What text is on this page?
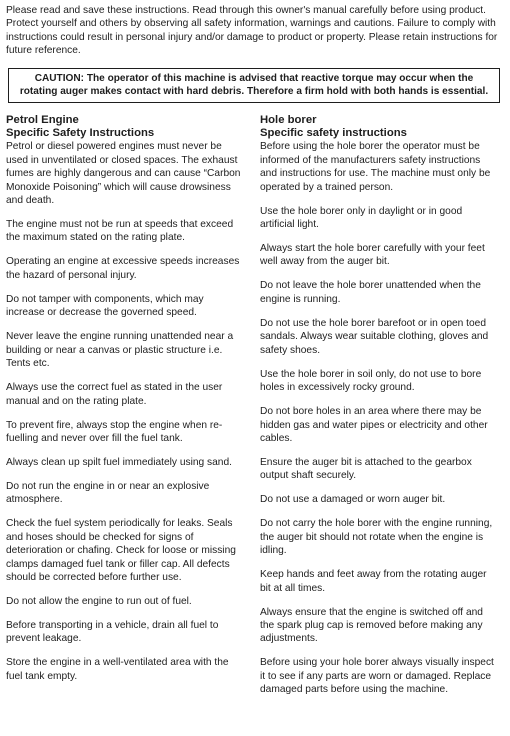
Please read and save these instructions. Read through this owner's manual carefully before using product. Protect yourself and others by observing all safety information, warnings and cautions. Failure to comply with instructions could result in personal injury and/or damage to product or property. Please retain instructions for future reference.

CAUTION: The operator of this machine is advised that reactive torque may occur when the rotating auger makes contact with hard debris. Therefore a firm hold with both hands is essential.

Petrol Engine

Specific Safety Instructions

Petrol or diesel powered engines must never be used in unventilated or closed spaces. The exhaust fumes are highly dangerous and can cause “Carbon Monoxide Poisoning” which will cause drowsiness and death.

The engine must not be run at speeds that exceed the maximum stated on the rating plate.

Operating an engine at excessive speeds increases the hazard of personal injury.

Do not tamper with components, which may increase or decrease the governed speed.

Never leave the engine running unattended near a building or near a canvas or plastic structure i.e. Tents etc.

Always use the correct fuel as stated in the user manual and on the rating plate.

To prevent fire, always stop the engine when re-fuelling and never over fill the fuel tank.

Always clean up spilt fuel immediately using sand.

Do not run the engine in or near an explosive atmosphere.

Check the fuel system periodically for leaks. Seals and hoses should be checked for signs of deterioration or chafing. Check for loose or missing clamps damaged fuel tank or filler cap. All defects should be corrected before further use.

Do not allow the engine to run out of fuel.

Before transporting in a vehicle, drain all fuel to prevent leakage.

Store the engine in a well-ventilated area with the fuel tank empty.

Hole borer

Specific safety instructions

Before using the hole borer the operator must be informed of the manufacturers safety instructions and instructions for use. The machine must only be operated by a trained person.

Use the hole borer only in daylight or in good artificial light.

Always start the hole borer carefully with your feet well away from the auger bit.

Do not leave the hole borer unattended when the engine is running.

Do not use the hole borer barefoot or in open toed sandals. Always wear suitable clothing, gloves and safety shoes.

Use the hole borer in soil only, do not use to bore holes in excessively rocky ground.

Do not bore holes in an area where there may be hidden gas and water pipes or electricity and other cables.

Ensure the auger bit is attached to the gearbox output shaft securely.

Do not use a damaged or worn auger bit.

Do not carry the hole borer with the engine running, the auger bit should not rotate when the engine is idling.

Keep hands and feet away from the rotating auger bit at all times.

Always ensure that the engine is switched off and the spark plug cap is removed before making any adjustments.

Before using your hole borer always visually inspect it to see if any parts are worn or damaged. Replace damaged parts before using the machine.
